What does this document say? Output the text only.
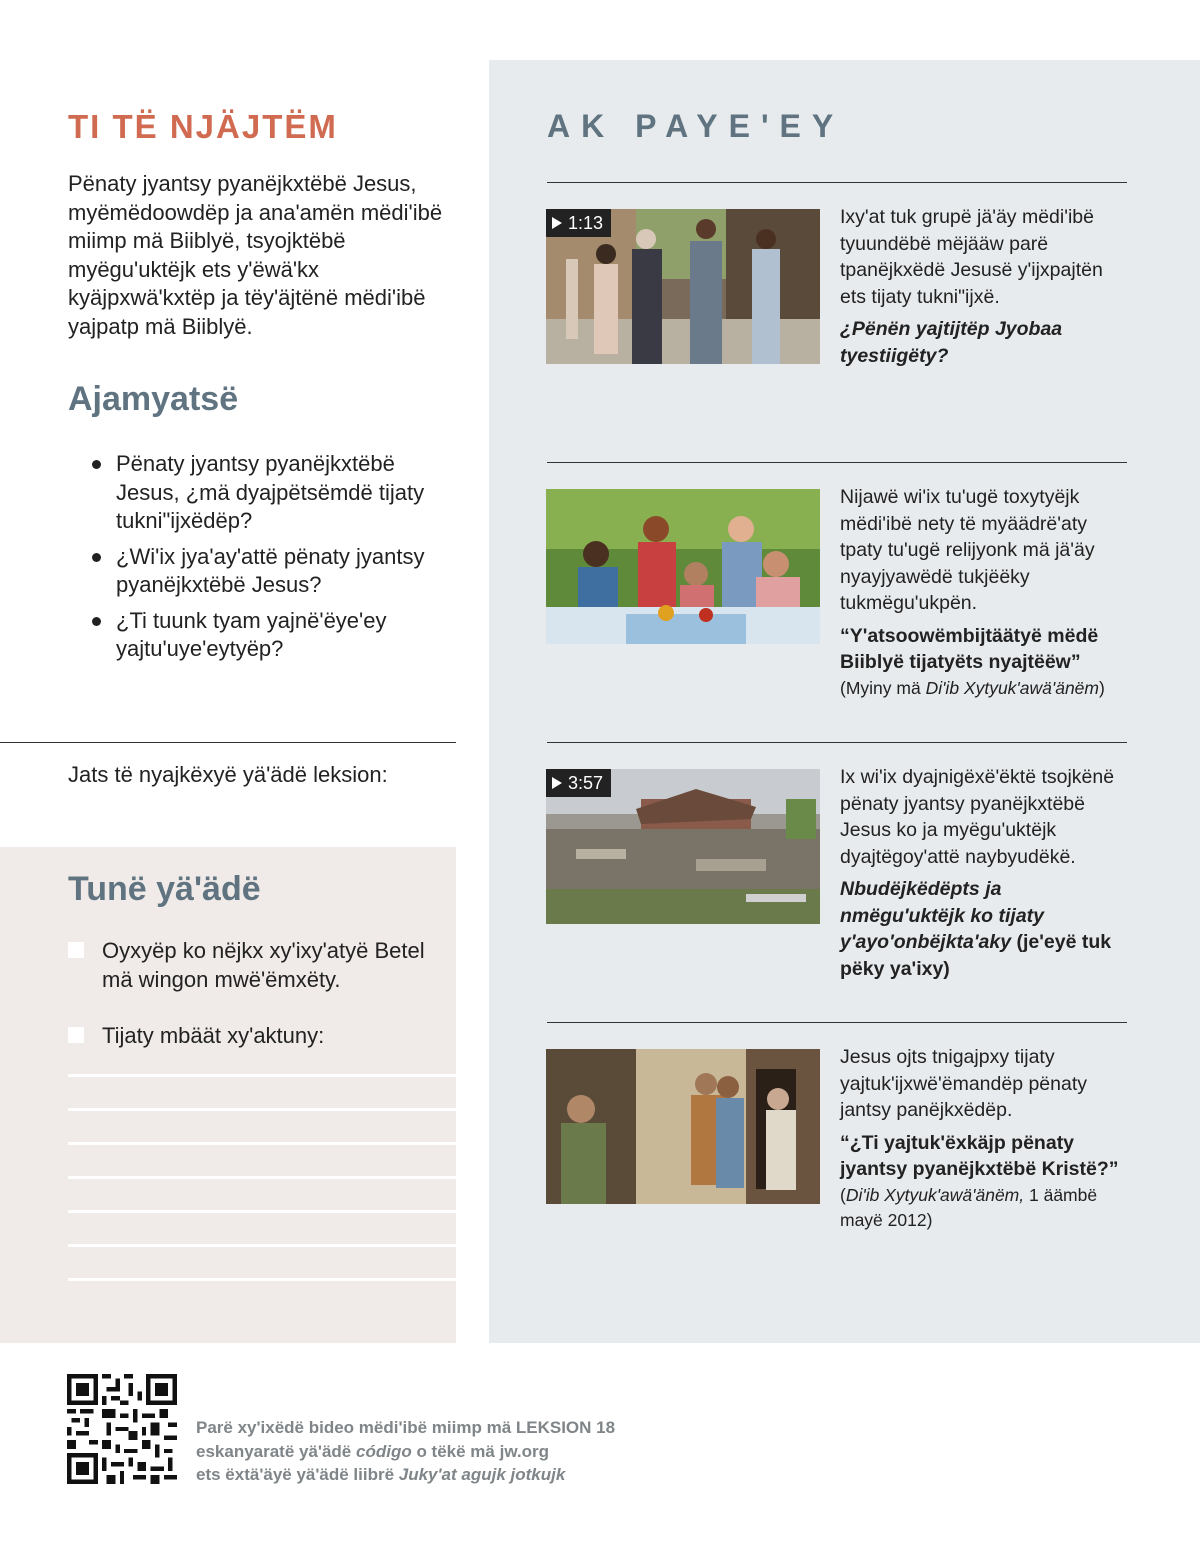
TI TË NJÄJTËM

Pënaty jyantsy pyanëjkxtëbë Jesus, myëmëdoowdëp ja ana'amën mëdi'ibë miimp mä Biiblyë, tsyojktëbë myëgu'uktëjk ets y'ëwä'kx kyäjpxwä'kxtëp ja tëy'äjtënë mëdi'ibë yajpatp mä Biiblyë.

Ajamyatsë
Pënaty jyantsy pyanëjkxtëbë Jesus, ¿mä dyajpëtsëmdë tijaty tukni"ijxëdëp?
¿Wi'ix jya'ay'attë pënaty jyantsy pyanëjkxtëbë Jesus?
¿Ti tuunk tyam yajnë'ëye'ey yajtu'uye'eytyëp?
Jats të nyajkëxyë yä'ädë leksion:
Tunë yä'ädë
Oyxyëp ko nëjkx xy'ixy'atyë Betel mä wingon mwë'ëmxëty.
Tijaty mbäät xy'aktuny:
AK PAYE'EY
1:13	Ixy'at tuk grupë jä'äy mëdi'ibë tyuundëbë mëjääw parë tpanëjkxëdë Jesusë y'ijxpajtën ets tijaty tukni"ijxë.
¿Pënën yajtijtëp Jyobaa tyestiigëty?
Nijawë wi'ix tu'ugë toxytyëjk mëdi'ibë nety të myäädrë'aty tpaty tu'ugë relijyonk mä jä'äy nyayjyawëdë tukjëëky tukmëgu'ukpën.
“Y'atsoowëmbijtäätyë mëdë Biiblyë tijatyëts nyajtëëw”
(Myiny mä Di'ib Xytyuk'awä'änëm)
3:57	Ix wi'ix dyajnigëxë'ëktë tsojkënë pënaty jyantsy pyanëjkxtëbë Jesus ko ja myëgu'uktëjk dyajtëgoy'attë naybyudëkë.
Nbudëjkëdëpts ja nmëgu'uktëjk ko tijaty y'ayo'onbëjkta'aky (je'eyë tuk pëky ya'ixy)
Jesus ojts tnigajpxy tijaty yajtuk'ijxwë'ëmandëp pënaty jantsy panëjkxëdëp.
“¿Ti yajtuk'ëxkäjp pënaty jyantsy pyanëjkxtëbë Kristë?”
(Di'ib Xytyuk'awä'änëm, 1 äämbë mayë 2012)
Parë xy'ixëdë bideo mëdi'ibë miimp mä LEKSION 18
eskanyaratë yä'ädë código o tëkë mä jw.org
ets ëxtä'äyë yä'ädë liibrë Juky'at agujk jotkujk
